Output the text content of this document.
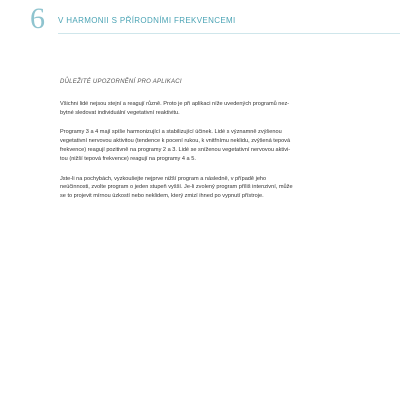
6 V HARMONII S PŘÍRODNÍMI FREKVENCEMI
DŮLEŽITÉ UPOZORNĚNÍ PRO APLIKACI
Všichni lidé nejsou stejní a reagují různě. Proto je při aplikaci níže uvedených programů nez-
bytné sledovat individuální vegetativní reaktivitu.
Programy 3 a 4 mají spíše harmonizující a stabilizující účinek. Lidé s významně zvýšenou
vegetativní nervovou aktivitou (tendence k pocení rukou, k vnitřnímu neklidu, zvýšená tepová
frekvence) reagují pozitivně na programy 2 a 3. Lidé se sníženou vegetativní nervovou aktivi-
tou (nižší tepová frekvence) reagují na programy 4 a 5.
Jste-li na pochybách, vyzkoušejte nejprve nižší program a následně, v případě jeho
neúčinnosti, zvolte program o jeden stupeň vyšší. Je-li zvolený program příliš intenzivní, může
se to projevit mírnou úzkostí nebo neklidem, který zmizí ihned po vypnutí přístroje.
